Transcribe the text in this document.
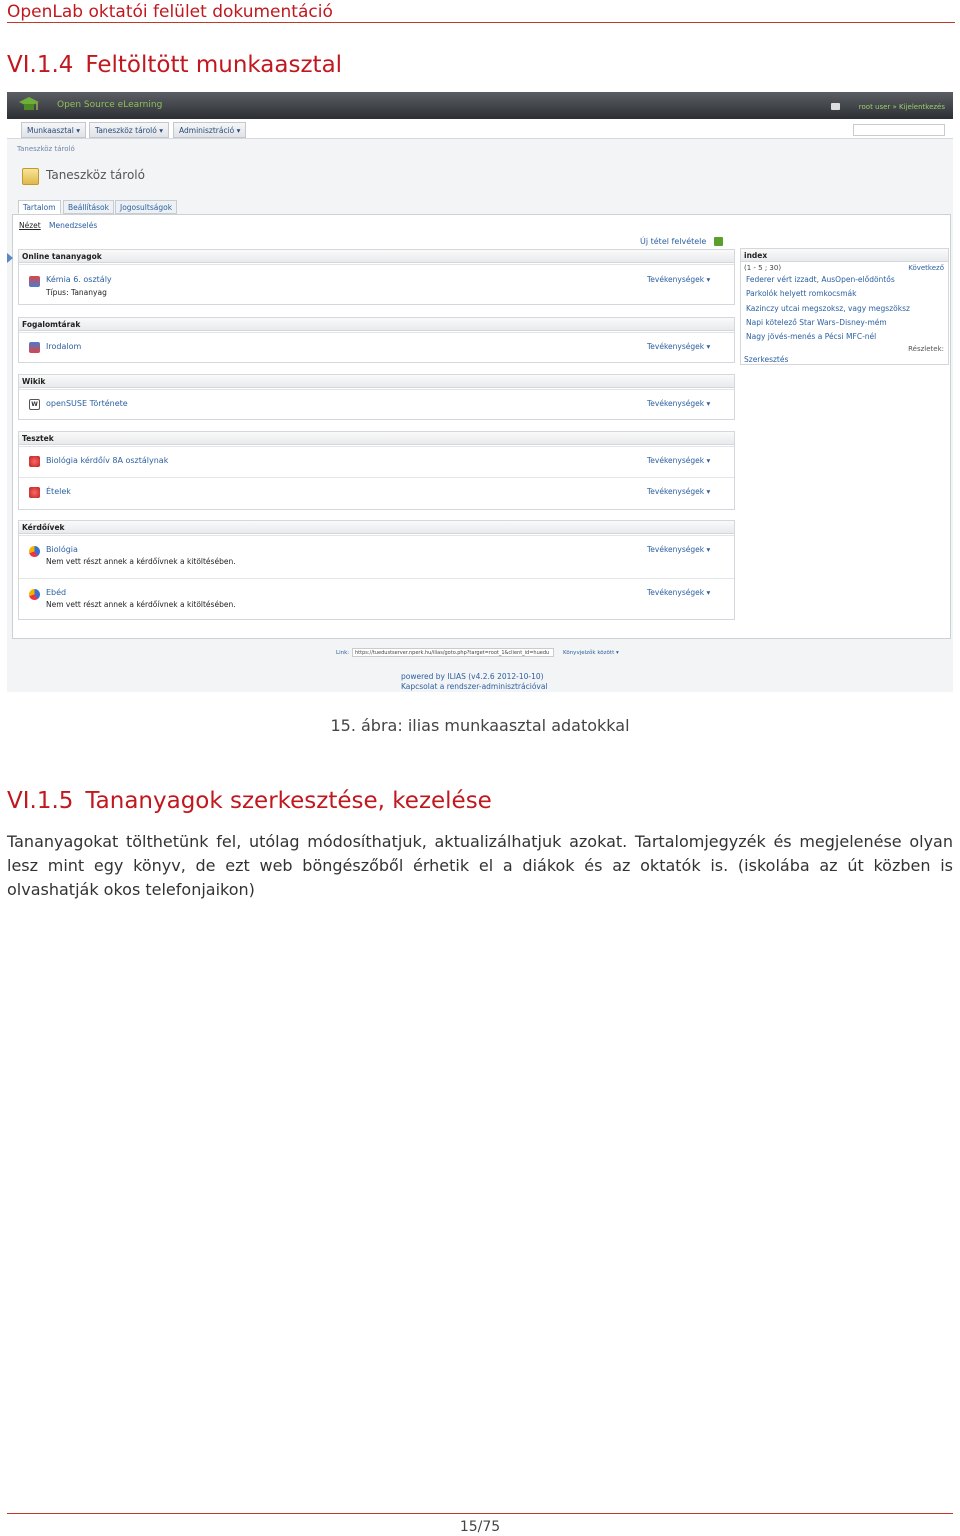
OpenLab oktatói felület dokumentáció
VI.1.4 Feltöltött munkaasztal
Open Source eLearning	root user » Kijelentkezés
Munkaasztal ▾	Taneszköz tároló ▾	Adminisztráció ▾
Taneszköz tároló
Taneszköz tároló
Tartalom	Beállítások	Jogosultságok
Nézet Menedzselés
Új tétel felvétele
Online tananyagok
Kémia 6. osztály
Típus: Tananyag
Tevékenységek ▾
Fogalomtárak
Irodalom	Tevékenységek ▾
Wikik
W openSUSE Története	Tevékenységek ▾
Tesztek
Biológia kérdőív 8A osztálynak	Tevékenységek ▾
Ételek	Tevékenységek ▾
Kérdőívek
Biológia
Nem vett részt annek a kérdőívnek a kitöltésében.
Tevékenységek ▾
Ebéd
Nem vett részt annek a kérdőívnek a kitöltésében.
Tevékenységek ▾
index
(1 - 5 ; 30)	Következő
Federer vért izzadt, AusOpen-elődöntős
Parkolók helyett romkocsmák
Kazinczy utcai megszoksz, vagy megszöksz
Napi kötelező Star Wars–Disney-mém
Nagy jövés-menés a Pécsi MFC-nél
Részletek:
Szerkesztés
Link:	https://tuedustserver.nperk.hu/ilias/goto.php?target=root_1&client_id=huedu	Könyvjelzők között ▾
powered by ILIAS (v4.2.6 2012-10-10)
Kapcsolat a rendszer-adminisztrációval
15. ábra: ilias munkaasztal adatokkal
VI.1.5 Tananyagok szerkesztése, kezelése

Tananyagokat tölthetünk fel, utólag módosíthatjuk, aktualizálhatjuk azokat. Tartalomjegyzék és megjelenése olyan lesz mint egy könyv, de ezt web böngészőből érhetik el a diákok és az oktatók is. (iskolába az út közben is olvashatják okos telefonjaikon)

15/75
